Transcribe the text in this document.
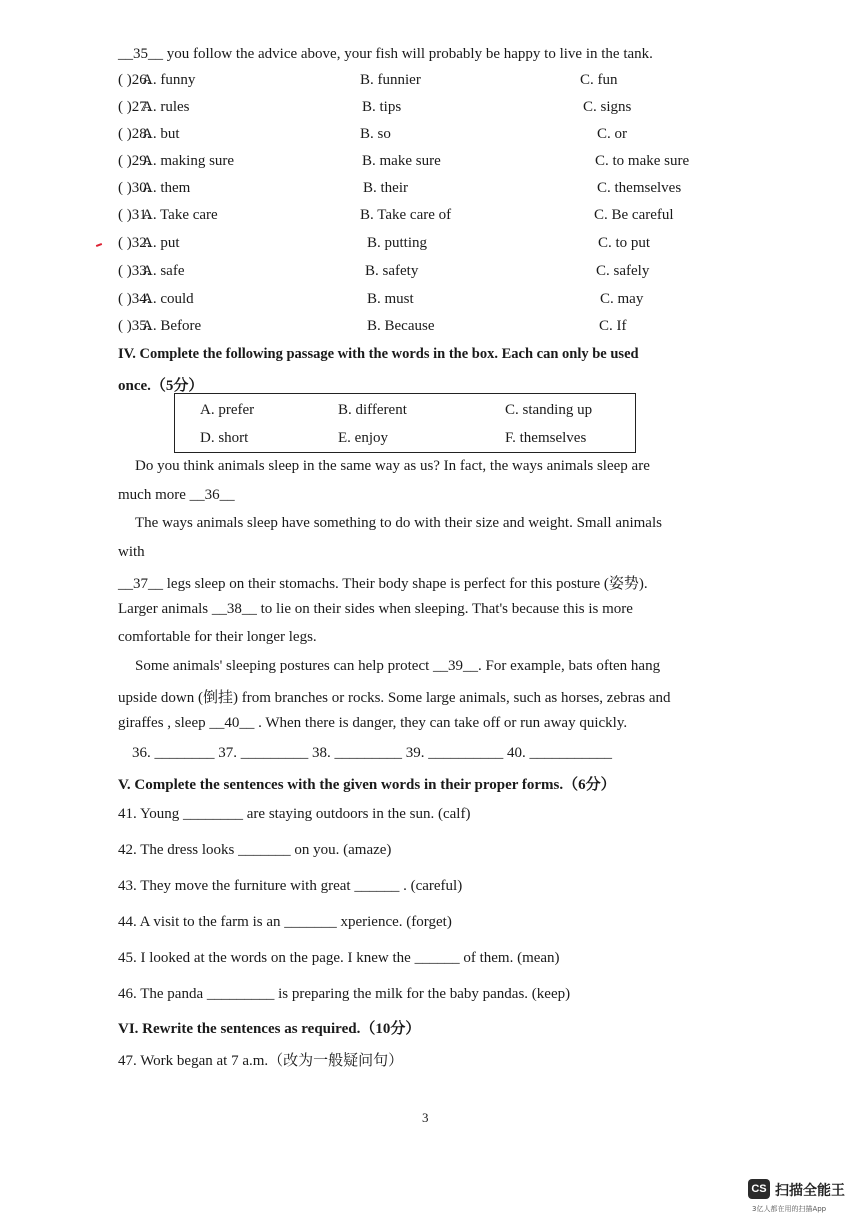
__35__ you follow the advice above, your fish will probably be happy to live in the tank.
( )26.
A. funny	B. funnier	C. fun
( )27.
A. rules	B. tips	C. signs
( )28.
A. but	B. so	C. or
( )29.
A. making sure	B. make sure	C. to make sure
( )30.
A. them	B. their	C. themselves
( )31.
A. Take care	B. Take care of	C. Be careful
( )32.
A. put	B. putting	C. to put
( )33.
A. safe	B. safety	C. safely
( )34.
A. could	B. must	C. may
( )35.
A. Before	B. Because	C. If
IV. Complete the following passage with the words in the box. Each can only be used
once.（5分）
A. prefer	B. different	C. standing up
D. short	E. enjoy	F. themselves
Do you think animals sleep in the same way as us? In fact, the ways animals sleep are
much more __36__
The ways animals sleep have something to do with their size and weight. Small animals
with
__37__ legs sleep on their stomachs. Their body shape is perfect for this posture (姿势).
Larger animals __38__ to lie on their sides when sleeping. That's because this is more
comfortable for their longer legs.
Some animals' sleeping postures can help protect __39__. For example, bats often hang
upside down (倒挂) from branches or rocks. Some large animals, such as horses, zebras and
giraffes , sleep __40__ . When there is danger, they can take off or run away quickly.
36. ________ 37. _________ 38. _________ 39. __________ 40. ___________
V. Complete the sentences with the given words in their proper forms.（6分）
41. Young ________ are staying outdoors in the sun. (calf)
42. The dress looks _______ on you. (amaze)
43. They move the furniture with great ______ . (careful)
44. A visit to the farm is an _______ xperience. (forget)
45. I looked at the words on the page. I knew the ______ of them. (mean)
46. The panda _________ is preparing the milk for the baby pandas. (keep)
VI. Rewrite the sentences as required.（10分）
47. Work began at 7 a.m.（改为一般疑问句）
3
CS 扫描全能王
3亿人都在用的扫描App
